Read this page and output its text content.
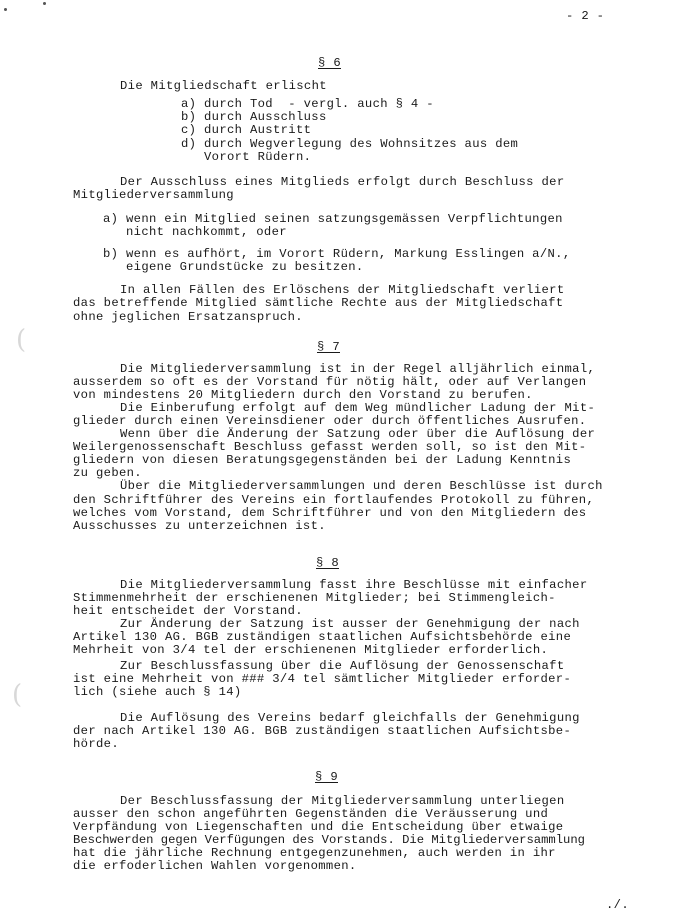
(
(
- 2 -
§ 6
Die Mitgliedschaft erlischt
a) durch Tod  - vergl. auch § 4 -
b) durch Ausschluss
c) durch Austritt
d) durch Wegverlegung des Wohnsitzes aus dem
Vorort Rüdern.
Der Ausschluss eines Mitglieds erfolgt durch Beschluss der
Mitgliederversammlung
a) wenn ein Mitglied seinen satzungsgemässen Verpflichtungen
nicht nachkommt, oder
b) wenn es aufhört, im Vorort Rüdern, Markung Esslingen a/N.,
eigene Grundstücke zu besitzen.
In allen Fällen des Erlöschens der Mitgliedschaft verliert
das betreffende Mitglied sämtliche Rechte aus der Mitgliedschaft
ohne jeglichen Ersatzanspruch.
§ 7
Die Mitgliederversammlung ist in der Regel alljährlich einmal,
ausserdem so oft es der Vorstand für nötig hält, oder auf Verlangen
von mindestens 20 Mitgliedern durch den Vorstand zu berufen.
Die Einberufung erfolgt auf dem Weg mündlicher Ladung der Mit-
glieder durch einen Vereinsdiener oder durch öffentliches Ausrufen.
Wenn über die Änderung der Satzung oder über die Auflösung der
Weilergenossenschaft Beschluss gefasst werden soll, so ist den Mit-
gliedern von diesen Beratungsgegenständen bei der Ladung Kenntnis
zu geben.
Über die Mitgliederversammlungen und deren Beschlüsse ist durch
den Schriftführer des Vereins ein fortlaufendes Protokoll zu führen,
welches vom Vorstand, dem Schriftführer und von den Mitgliedern des
Ausschusses zu unterzeichnen ist.
§ 8
Die Mitgliederversammlung fasst ihre Beschlüsse mit einfacher
Stimmenmehrheit der erschienenen Mitglieder; bei Stimmengleich-
heit entscheidet der Vorstand.
Zur Änderung der Satzung ist ausser der Genehmigung der nach
Artikel 130 AG. BGB zuständigen staatlichen Aufsichtsbehörde eine
Mehrheit von 3/4 tel der erschienenen Mitglieder erforderlich.
Zur Beschlussfassung über die Auflösung der Genossenschaft
ist eine Mehrheit von ### 3/4 tel sämtlicher Mitglieder erforder-
lich (siehe auch § 14)
Die Auflösung des Vereins bedarf gleichfalls der Genehmigung
der nach Artikel 130 AG. BGB zuständigen staatlichen Aufsichtsbe-
hörde.
§ 9
Der Beschlussfassung der Mitgliederversammlung unterliegen
ausser den schon angeführten Gegenständen die Veräusserung und
Verpfändung von Liegenschaften und die Entscheidung über etwaige
Beschwerden gegen Verfügungen des Vorstands. Die Mitgliederversammlung
hat die jährliche Rechnung entgegenzunehmen, auch werden in ihr
die erfoderlichen Wahlen vorgenommen.
./.
